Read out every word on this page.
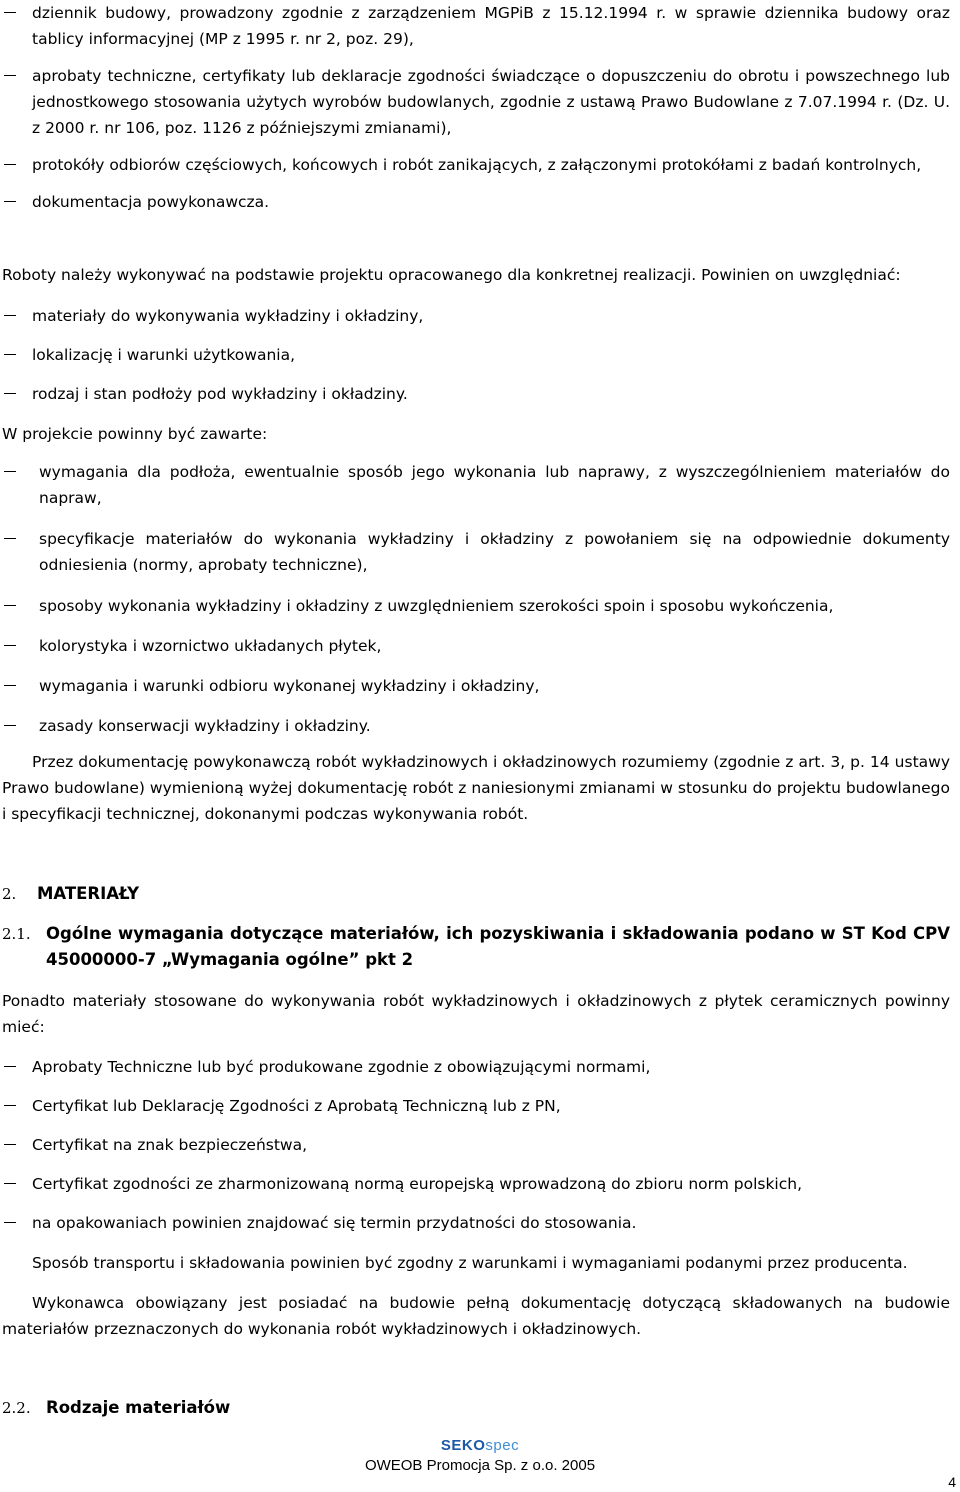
dziennik budowy, prowadzony zgodnie z zarządzeniem MGPiB z 15.12.1994 r. w sprawie dziennika budowy oraz tablicy informacyjnej (MP z 1995 r. nr 2, poz. 29),
aprobaty techniczne, certyfikaty lub deklaracje zgodności świadczące o dopuszczeniu do obrotu i powszechnego lub jednostkowego stosowania użytych wyrobów budowlanych, zgodnie z ustawą Prawo Budowlane z 7.07.1994 r. (Dz. U. z 2000 r. nr 106, poz. 1126 z późniejszymi zmianami),
protokóły odbiorów częściowych, końcowych i robót zanikających, z załączonymi protokółami z badań kontrolnych,
dokumentacja powykonawcza.

Roboty należy wykonywać na podstawie projektu opracowanego dla konkretnej realizacji. Powinien on uwzględniać:

materiały do wykonywania wykładziny i okładziny,
lokalizację i warunki użytkowania,
rodzaj i stan podłoży pod wykładziny i okładziny.

W projekcie powinny być zawarte:

wymagania dla podłoża, ewentualnie sposób jego wykonania lub naprawy, z wyszczególnieniem materiałów do napraw,
specyfikacje materiałów do wykonania wykładziny i okładziny z powołaniem się na odpowiednie dokumenty odniesienia (normy, aprobaty techniczne),
sposoby wykonania wykładziny i okładziny z uwzględnieniem szerokości spoin i sposobu wykończenia,
kolorystyka i wzornictwo układanych płytek,
wymagania i warunki odbioru wykonanej wykładziny i okładziny,
zasady konserwacji wykładziny i okładziny.

Przez dokumentację powykonawczą robót wykładzinowych i okładzinowych rozumiemy (zgodnie z art. 3, p. 14 ustawy Prawo budowlane) wymienioną wyżej dokumentację robót z naniesionymi zmianami w stosunku do projektu budowlanego i specyfikacji technicznej, dokonanymi podczas wykonywania robót.

2.	MATERIAŁY
2.1. Ogólne wymagania dotyczące materiałów, ich pozyskiwania i składowania podano w ST Kod CPV 45000000-7 „Wymagania ogólne” pkt 2

Ponadto materiały stosowane do wykonywania robót wykładzinowych i okładzinowych z płytek ceramicznych powinny mieć:

Aprobaty Techniczne lub być produkowane zgodnie z obowiązującymi normami,
Certyfikat lub Deklarację Zgodności z Aprobatą Techniczną lub z PN,
Certyfikat na znak bezpieczeństwa,
Certyfikat zgodności ze zharmonizowaną normą europejską wprowadzoną do zbioru norm polskich,
na opakowaniach powinien znajdować się termin przydatności do stosowania.

Sposób transportu i składowania powinien być zgodny z warunkami i wymaganiami podanymi przez producenta.

Wykonawca obowiązany jest posiadać na budowie pełną dokumentację dotyczącą składowanych na budowie materiałów przeznaczonych do wykonania robót wykładzinowych i okładzinowych.

2.2. Rodzaje materiałów
SEKOspec
OWEOB Promocja Sp. z o.o. 2005
4
